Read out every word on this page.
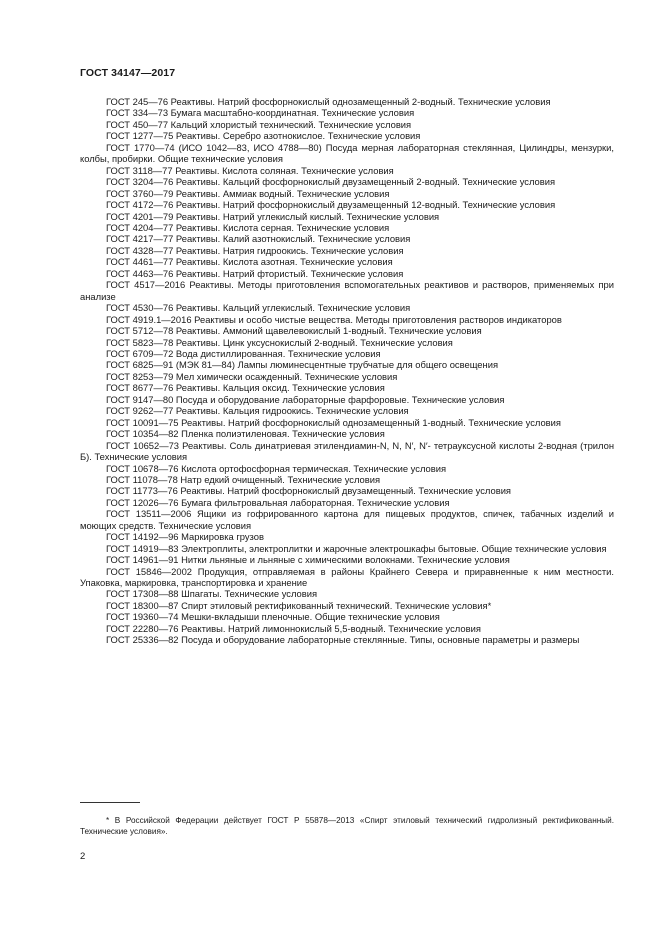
ГОСТ 34147—2017

ГОСТ 245—76 Реактивы. Натрий фосфорнокислый однозамещенный 2-водный. Технические условия

ГОСТ 334—73 Бумага масштабно-координатная. Технические условия

ГОСТ 450—77 Кальций хлористый технический. Технические условия

ГОСТ 1277—75 Реактивы. Серебро азотнокислое. Технические условия

ГОСТ 1770—74 (ИСО 1042—83, ИСО 4788—80) Посуда мерная лабораторная стеклянная, Цилиндры, мензурки, колбы, пробирки. Общие технические условия

ГОСТ 3118—77 Реактивы. Кислота соляная. Технические условия

ГОСТ 3204—76 Реактивы. Кальций фосфорнокислый двузамещенный 2-водный. Технические условия

ГОСТ 3760—79 Реактивы. Аммиак водный. Технические условия

ГОСТ 4172—76 Реактивы. Натрий фосфорнокислый двузамещенный 12-водный. Технические условия

ГОСТ 4201—79 Реактивы. Натрий углекислый кислый. Технические условия

ГОСТ 4204—77 Реактивы. Кислота серная. Технические условия

ГОСТ 4217—77 Реактивы. Калий азотнокислый. Технические условия

ГОСТ 4328—77 Реактивы. Натрия гидроокись. Технические условия

ГОСТ 4461—77 Реактивы. Кислота азотная. Технические условия

ГОСТ 4463—76 Реактивы. Натрий фтористый. Технические условия

ГОСТ 4517—2016 Реактивы. Методы приготовления вспомогательных реактивов и растворов, применяемых при анализе

ГОСТ 4530—76 Реактивы. Кальций углекислый. Технические условия

ГОСТ 4919.1—2016 Реактивы и особо чистые вещества. Методы приготовления растворов индикаторов

ГОСТ 5712—78 Реактивы. Аммоний щавелевокислый 1-водный. Технические условия

ГОСТ 5823—78 Реактивы. Цинк уксуснокислый 2-водный. Технические условия

ГОСТ 6709—72 Вода дистиллированная. Технические условия

ГОСТ 6825—91 (МЭК 81—84) Лампы люминесцентные трубчатые для общего освещения

ГОСТ 8253—79 Мел химически осажденный. Технические условия

ГОСТ 8677—76 Реактивы. Кальция оксид. Технические условия

ГОСТ 9147—80 Посуда и оборудование лабораторные фарфоровые. Технические условия

ГОСТ 9262—77 Реактивы. Кальция гидроокись. Технические условия

ГОСТ 10091—75 Реактивы. Натрий фосфорнокислый однозамещенный 1-водный. Технические условия

ГОСТ 10354—82 Пленка полиэтиленовая. Технические условия

ГОСТ 10652—73 Реактивы. Соль динатриевая этилендиамин-N, N, N′, N′- тетрауксусной кислоты 2-водная (трилон Б). Технические условия

ГОСТ 10678—76 Кислота ортофосфорная термическая. Технические условия

ГОСТ 11078—78 Натр едкий очищенный. Технические условия

ГОСТ 11773—76 Реактивы. Натрий фосфорнокислый двузамещенный. Технические условия

ГОСТ 12026—76 Бумага фильтровальная лабораторная. Технические условия

ГОСТ 13511—2006 Ящики из гофрированного картона для пищевых продуктов, спичек, табачных изделий и моющих средств. Технические условия

ГОСТ 14192—96 Маркировка грузов

ГОСТ 14919—83 Электроплиты, электроплитки и жарочные электрошкафы бытовые. Общие технические условия

ГОСТ 14961—91 Нитки льняные и льняные с химическими волокнами. Технические условия

ГОСТ 15846—2002 Продукция, отправляемая в районы Крайнего Севера и приравненные к ним местности. Упаковка, маркировка, транспортировка и хранение

ГОСТ 17308—88 Шпагаты. Технические условия

ГОСТ 18300—87 Спирт этиловый ректификованный технический. Технические условия*

ГОСТ 19360—74 Мешки-вкладыши пленочные. Общие технические условия

ГОСТ 22280—76 Реактивы. Натрий лимоннокислый 5,5-водный. Технические условия

ГОСТ 25336—82 Посуда и оборудование лабораторные стеклянные. Типы, основные параметры и размеры

* В Российской Федерации действует ГОСТ Р 55878—2013 «Спирт этиловый технический гидролизный ректификованный. Технические условия».
2
